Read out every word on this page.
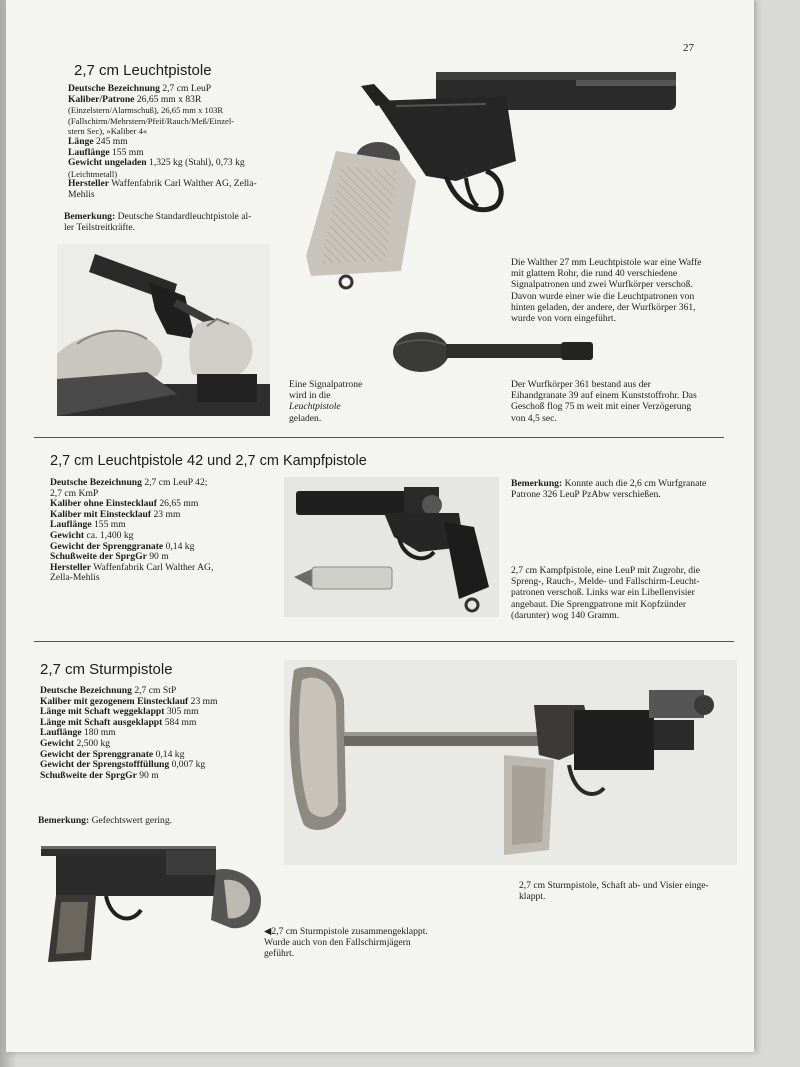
27
2,7 cm Leuchtpistole
Deutsche Bezeichnung 2,7 cm LeuP
Kaliber/Patrone 26,65 mm x 83R
(Einzelstern/Alarmschuß), 26,65 mm x 103R
(Fallschirm/Mehrstern/Pfeif/Rauch/Meß/Einzel-
stern Sec), »Kaliber 4«
Länge 245 mm
Lauflänge 155 mm
Gewicht ungeladen 1,325 kg (Stahl), 0,73 kg
(Leichtmetall)
Hersteller Waffenfabrik Carl Walther AG, Zella-
Mehlis
Bemerkung: Deutsche Standardleuchtpistole al-
ler Teilstreitkräfte.
Die Walther 27 mm Leuchtpistole war eine Waffe
mit glattem Rohr, die rund 40 verschiedene
Signalpatronen und zwei Wurfkörper verschoß.
Davon wurde einer wie die Leuchtpatronen von
hinten geladen, der andere, der Wurfkörper 361,
wurde von vorn eingeführt.
Eine Signalpatrone
wird in die
Leuchtpistole
geladen.
Der Wurfkörper 361 bestand aus der
Eihandgranate 39 auf einem Kunststoffrohr. Das
Geschoß flog 75 m weit mit einer Verzögerung
von 4,5 sec.
2,7 cm Leuchtpistole 42 und 2,7 cm Kampfpistole
Deutsche Bezeichnung 2,7 cm LeuP 42;
2,7 cm KmP
Kaliber ohne Einstecklauf 26,65 mm
Kaliber mit Einstecklauf 23 mm
Lauflänge 155 mm
Gewicht ca. 1,400 kg
Gewicht der Sprenggranate 0,14 kg
Schußweite der SprgGr 90 m
Hersteller Waffenfabrik Carl Walther AG,
Zella-Mehlis
Bemerkung: Konnte auch die 2,6 cm Wurfgranate Patrone 326 LeuP PzAbw verschießen.
2,7 cm Kampfpistole, eine LeuP mit Zugrohr, die
Spreng-, Rauch-, Melde- und Fallschirm-Leucht-
patronen verschoß. Links war ein Libellenvisier
angebaut. Die Sprengpatrone mit Kopfzünder
(darunter) wog 140 Gramm.
2,7 cm Sturmpistole
Deutsche Bezeichnung 2,7 cm StP
Kaliber mit gezogenem Einstecklauf 23 mm
Länge mit Schaft weggeklappt 305 mm
Länge mit Schaft ausgeklappt 584 mm
Lauflänge 180 mm
Gewicht 2,500 kg
Gewicht der Sprenggranate 0,14 kg
Gewicht der Sprengstofffüllung 0,007 kg
Schußweite der SprgGr 90 m
Bemerkung: Gefechtswert gering.
2,7 cm Sturmpistole, Schaft ab- und Visier einge-
klappt.
◀2,7 cm Sturmpistole zusammengeklappt.
Wurde auch von den Fallschirmjägern
geführt.
